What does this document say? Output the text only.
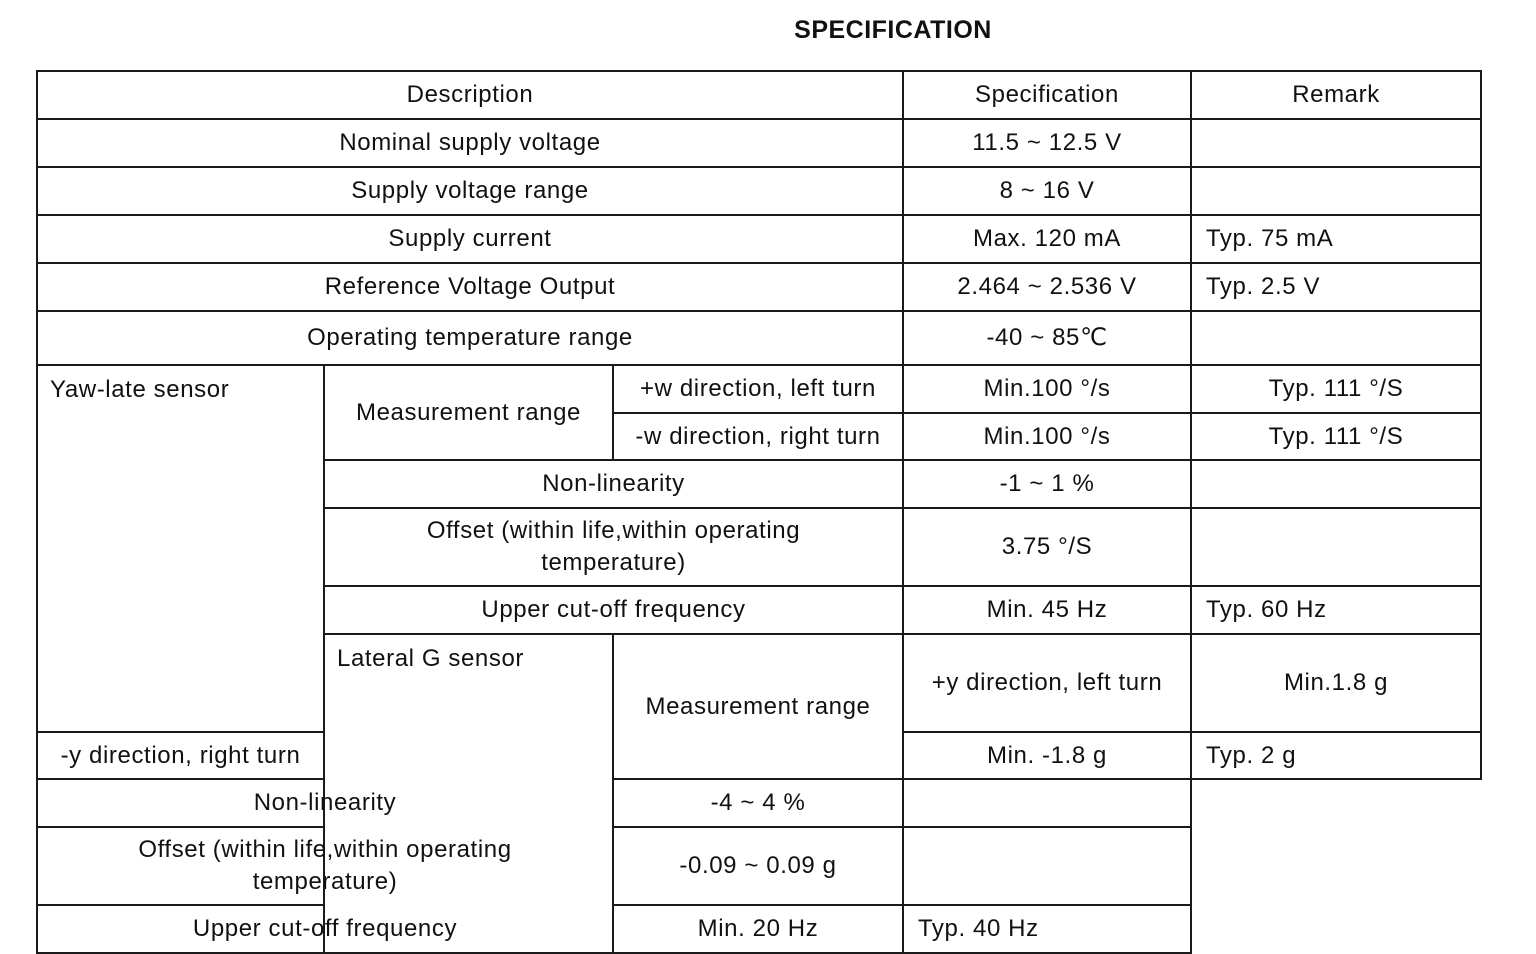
SPECIFICATION
Description			Specification	Remark	
Nominal supply voltage			11.5 ~ 12.5 V		
Supply voltage range			8 ~ 16 V		
Supply current			Max. 120 mA	Typ. 75 mA	
Reference Voltage Output			2.464 ~ 2.536 V	Typ. 2.5 V	
Operating temperature range			-40 ~ 85℃		
Yaw-late sensor	Measurement range	+w direction, left turn	Min.100 °/s	Typ. 111 °/S	
		-w direction, right turn	Min.100 °/s	Typ. 111 °/S	
	Non-linearity		-1 ~ 1 %		
	Offset (within life,within operating temperature)		3.75 °/S		
	Upper cut-off frequency		Min. 45 Hz	Typ. 60 Hz	
	Lateral G sensor	Measurement range	+y direction, left turn	Min.1.8 g	
-y direction, right turn			Min. -1.8 g	Typ. 2 g	
Non-linearity		-4 ~ 4 %			
Offset (within life,within operating temperature)		-0.09 ~ 0.09 g			
Upper cut-off frequency		Min. 20 Hz	Typ. 40 Hz		
